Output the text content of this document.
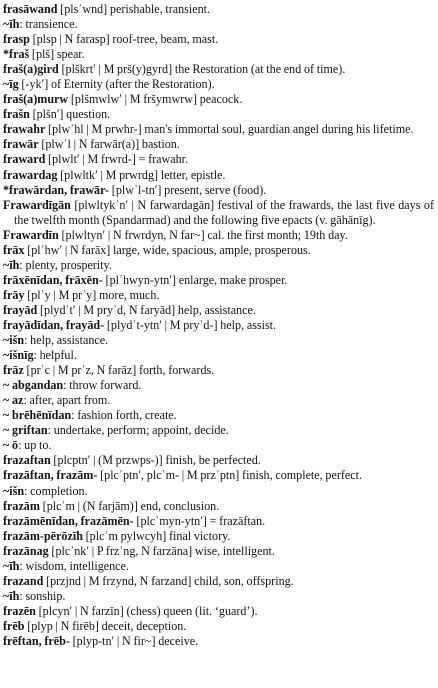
frasāwand [plsʾwnd] perishable, transient.

~īh: transience.

frasp [plsp | N farasp] roof-tree, beam, mast.

*fraš [plš] spear.

fraš(a)gird [plškrtʹ | M prš(y)gyrd] the Restoration (at the end of time).

~īg [-ykʹ] of Eternity (after the Restoration).

fraš(a)murw [plšmwlwʹ | M fršymwrw] peacock.

frašn [plšnʹ] question.

frawahr [plwʾhl | M prwhr-] man's immortal soul, guardian angel during his lifetime.

frawār [plwʾl | N farwār(a)] bastion.

fraward [plwltʹ | M frwrd-] = frawahr.

frawardag [plwltkʹ | M prwrdg] letter, epistle.

*frawārdan, frawār- [plwʾl-tnʹ] present, serve (food).

Frawardīgān [plwltykʾnʹ | N farwardagān] festival of the frawards, the last five days of the twelfth month (Spandarmad) and the following five epacts (v. gāhānīg).

Frawardīn [plwltynʹ | N frwrdyn, N far~] cal. the first month; 19th day.

frāx [plʾhwʹ | N farāx] large, wide, spacious, ample, prosperous.

~īh: plenty, prosperity.

frāxēnīdan, frāxēn- [plʾhwyn-ytnʹ] enlarge, make prosper.

frāy [plʾy | M prʾy] more, much.

frayād [plydʾtʹ | M pryʾd, N faryād] help, assistance.

frayādīdan, frayād- [plydʾt-ytnʹ | M pryʾd-] help, assist.

~išn: help, assistance.

~išnīg: helpful.

frāz [prʾc | M prʾz, N farāz] forth, forwards.

~ abgandan: throw forward.

~ az: after, apart from.

~ brēhēnīdan: fashion forth, create.

~ griftan: undertake, perform; appoint, decide.

~ ō: up to.

frazaftan [plcptnʹ | (M przwps-)] finish, be perfected.

frazāftan, frazām- [plcʾptnʹ, plcʾm- | M przʾptn] finish, complete, perfect.

~išn: completion.

frazām [plcʾm | (N farjām)] end, conclusion.

frazāmēnīdan, frazāmēn- [plcʾmyn-ytnʹ] = frazāftan.

frazām-pērōzīh [plcʾm pylwcyh] final victory.

frazānag [plcʾnkʹ | P frzʾng, N farzāna] wise, intelligent.

~īh: wisdom, intelligence.

frazand [przjnd | M frzynd, N farzand] child, son, offspring.

~īh: sonship.

frazēn [plcynʹ | N farzīn] (chess) queen (lit. ‘guard’).

frēb [plyp | N firēb] deceit, deception.

frēftan, frēb- [plyp-tnʹ | N fir~] deceive.
